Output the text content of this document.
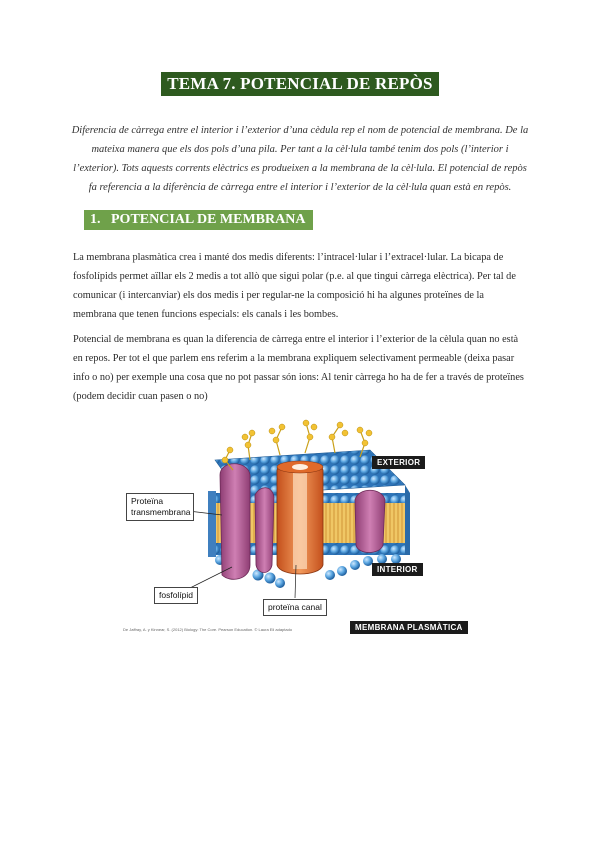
TEMA 7. POTENCIAL DE REPÒS

Diferencia de càrrega entre el interior i l’exterior d’una cèdula rep el nom de potencial de membrana. De la mateixa manera que els dos pols d’una pila. Per tant a la cèl·lula també tenim dos pols (l’interior i l’exterior). Tots aquests corrents elèctrics es produeixen a la membrana de la cèl·lula. El potencial de repòs fa referencia a la diferència de càrrega entre el interior i l’exterior de la cèl·lula quan està en repòs.

1. POTENCIAL DE MEMBRANA

La membrana plasmàtica crea i manté dos medis diferents: l’intracel·lular i l’extracel·lular. La bicapa de fosfolípids permet aïllar els 2 medis a tot allò que sigui polar (p.e. al que tingui càrrega elèctrica). Per tal de comunicar (i intercanviar) els dos medis i per regular-ne la composició hi ha algunes proteïnes de la membrana que tenen funcions especials: els canals i les bombes.

Potencial de membrana es quan la diferencia de càrrega entre el interior i l’exterior de la cèlula quan no està en repos. Per tot el que parlem ens referim a la membrana expliquem selectivament permeable (deixa pasar info o no) per exemple una cosa que no pot passar són ions: Al tenir càrrega ho ha de fer a través de proteïnes (podem decidir cuan pasen o no)

Proteïna transmembrana
fosfolípid
proteïna canal
EXTERIOR
INTERIOR
MEMBRANA PLASMÀTICA
De Jaffray, A. y Kinnear, S. (2012) Biology: The Core. Pearson Education. © Laura Eli adaptado
